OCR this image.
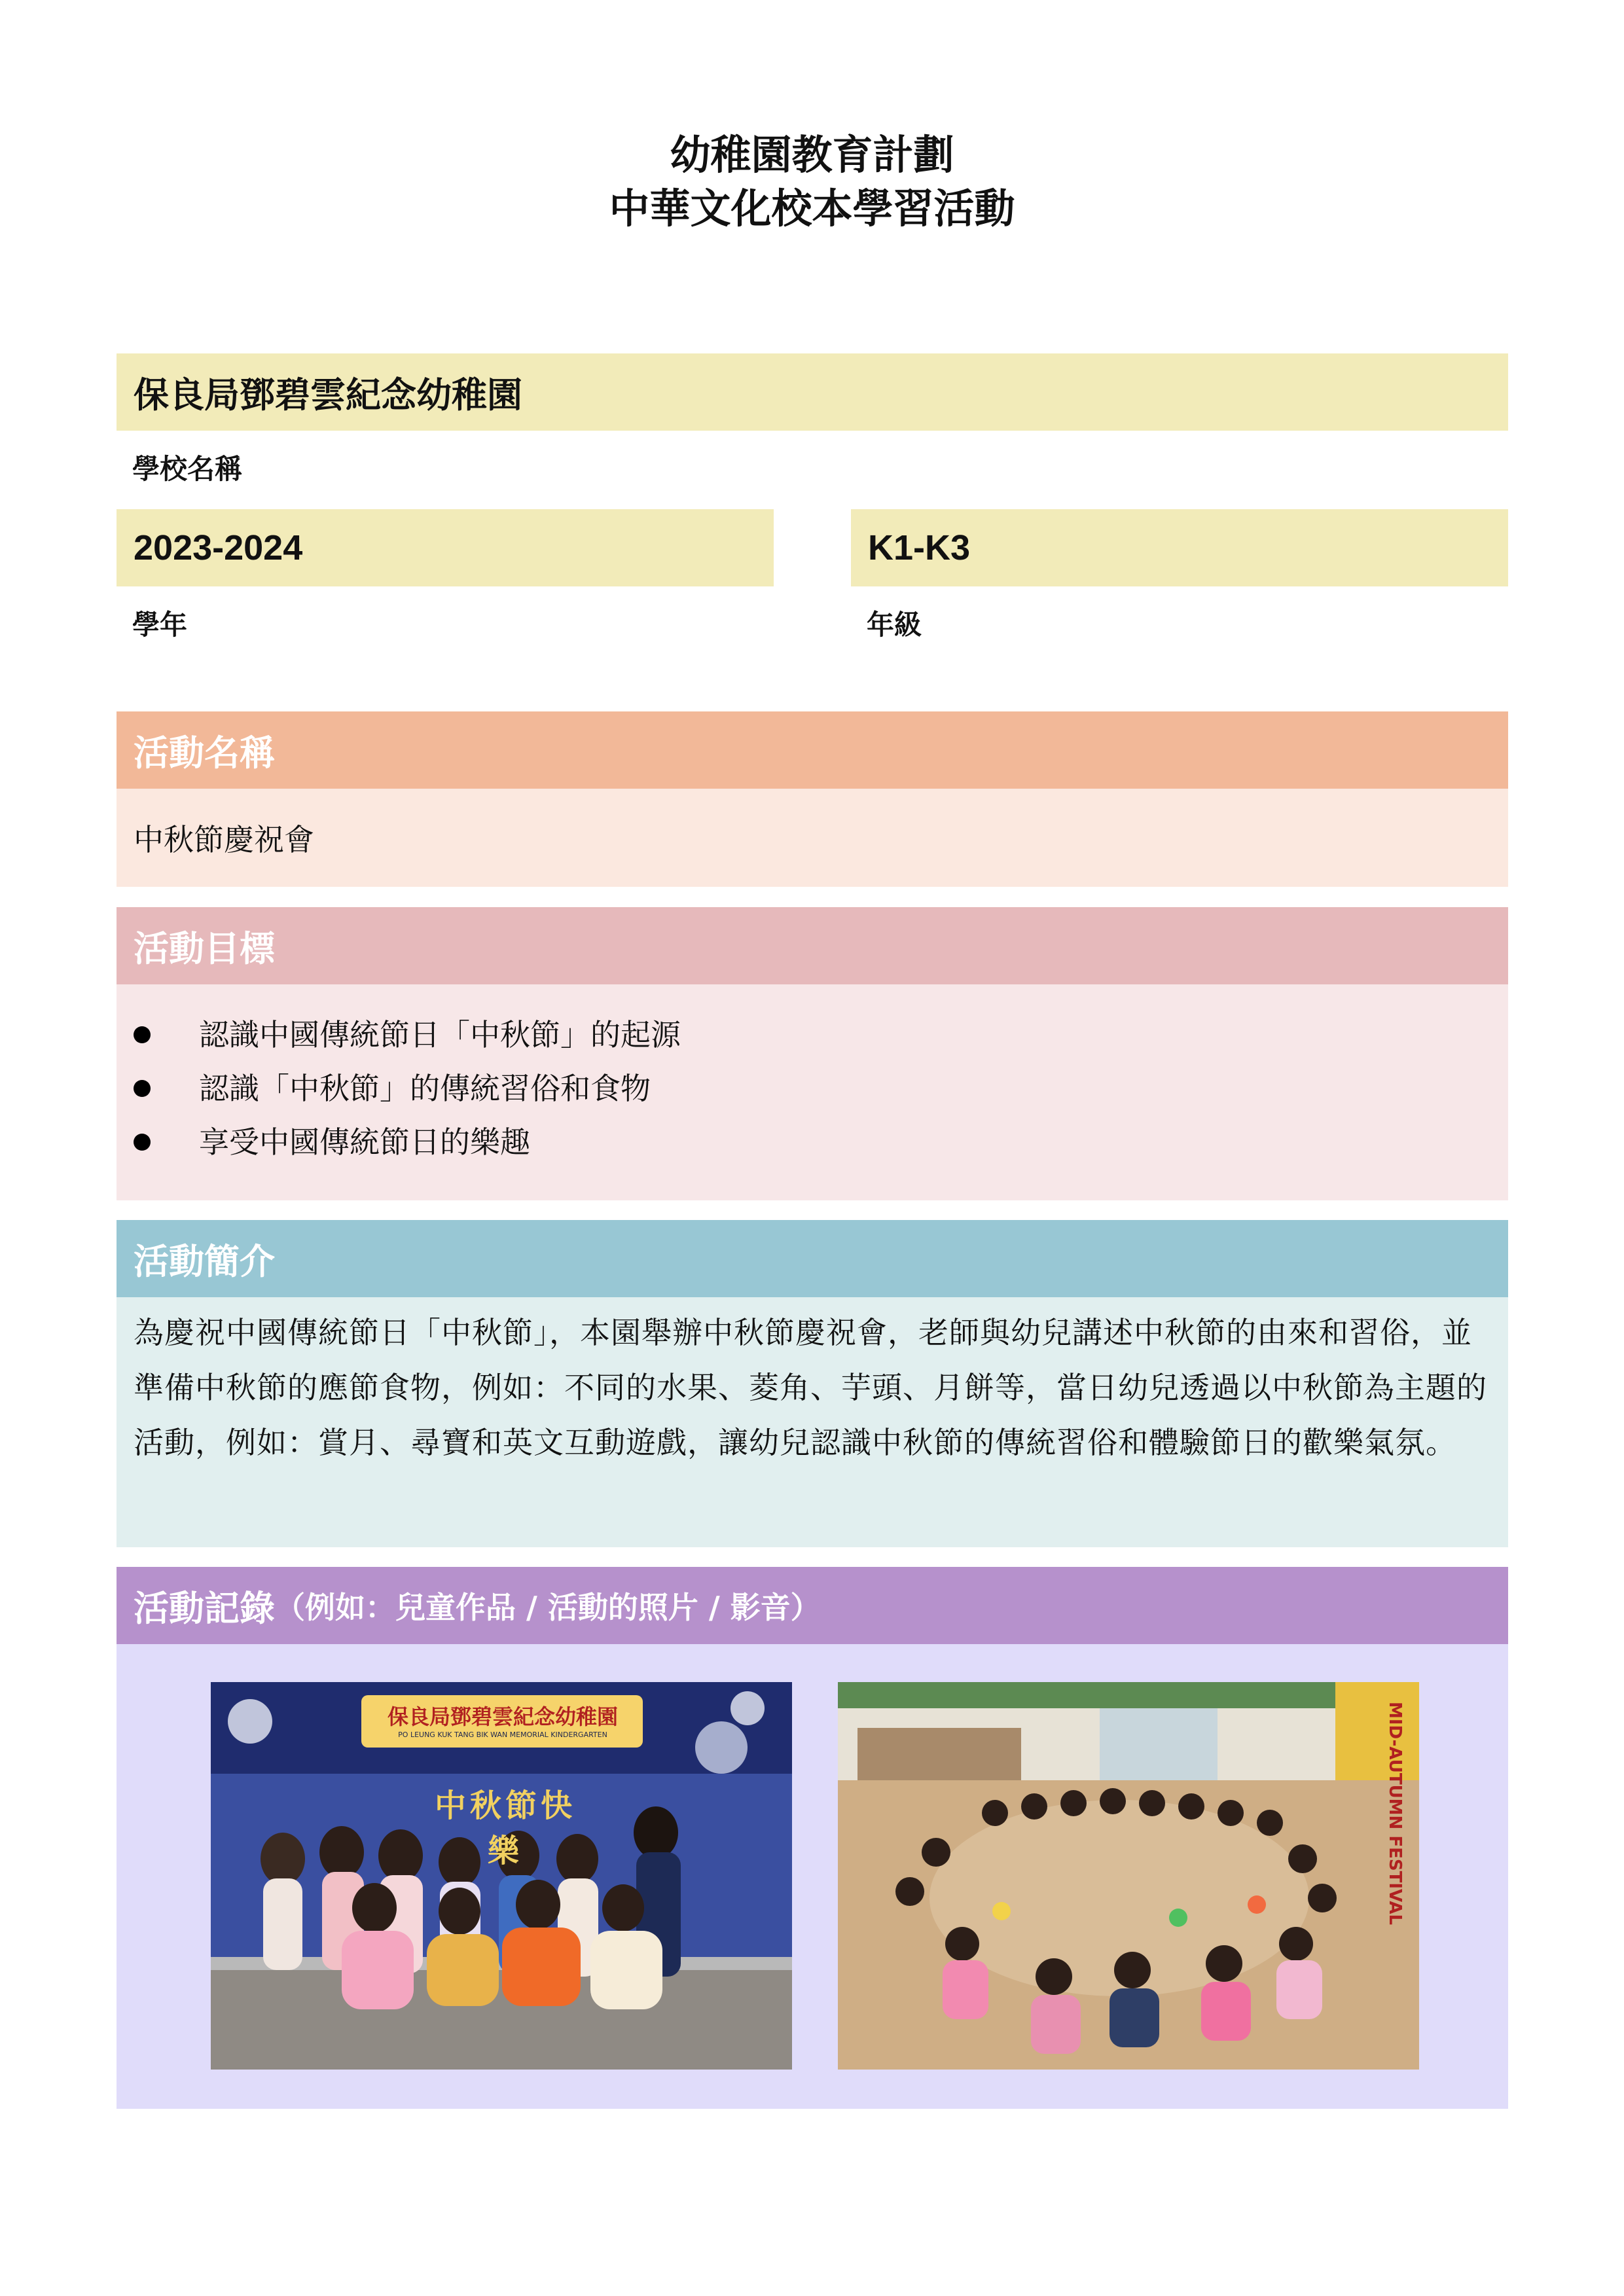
幼稚園教育計劃
中華文化校本學習活動
保良局鄧碧雲紀念幼稚園
學校名稱
2023-2024
學年
K1-K3
年級
活動名稱
中秋節慶祝會
活動目標
認識中國傳統節日「中秋節」的起源
認識「中秋節」的傳統習俗和食物
享受中國傳統節日的樂趣
活動簡介
為慶祝中國傳統節日「中秋節」，本園舉辦中秋節慶祝會，老師與幼兒講述中秋節的由來和習俗，並準備中秋節的應節食物，例如：不同的水果、菱角、芋頭、月餅等，當日幼兒透過以中秋節為主題的活動，例如：賞月、尋寶和英文互動遊戲，讓幼兒認識中秋節的傳統習俗和體驗節日的歡樂氣氛。
活動記錄 （例如：兒童作品 / 活動的照片 / 影音）
保良局鄧碧雲紀念幼稚園
PO LEUNG KUK TANG BIK WAN MEMORIAL KINDERGARTEN
中秋節快樂	MID-AUTUMN FESTIVAL
